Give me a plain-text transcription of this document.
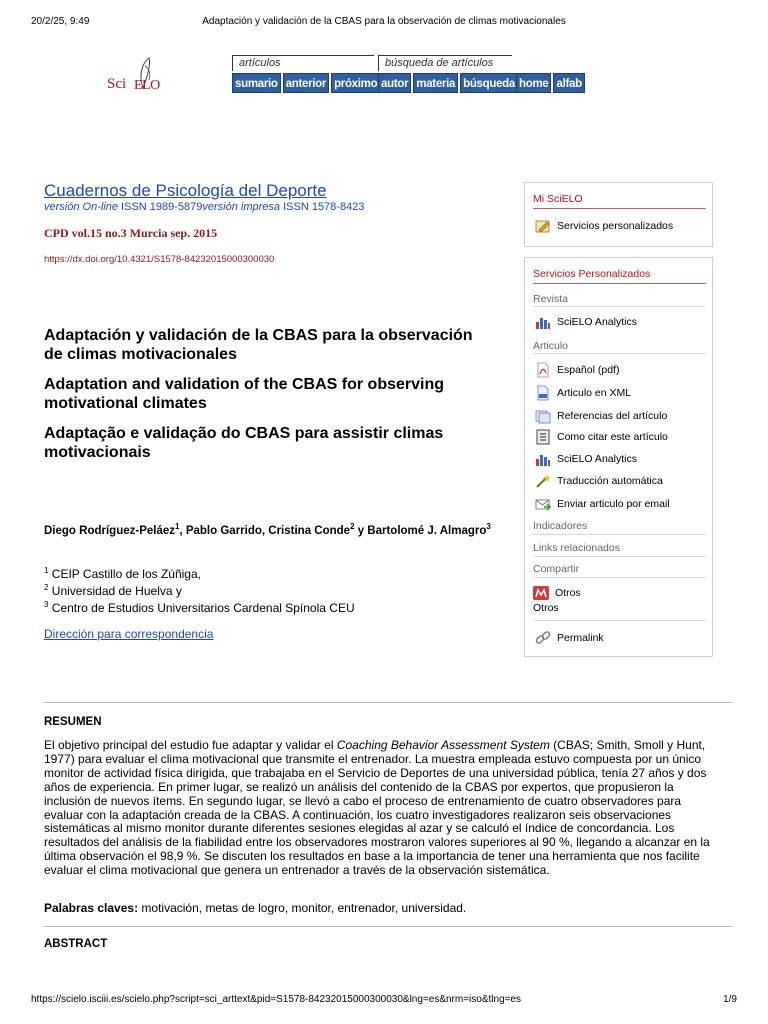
20/2/25, 9:49	Adaptación y validación de la CBAS para la observación de climas motivacionales
Sci ELO
artículos
sumario anterior próximo
búsqueda de artículos
autor materia búsqueda home alfab
Cuadernos de Psicología del Deporte
versión On-line ISSN 1989-5879versión impresa ISSN 1578-8423
CPD vol.15 no.3 Murcia sep. 2015
https://dx.doi.org/10.4321/S1578-84232015000300030
Adaptación y validación de la CBAS para la observación de climas motivacionales
Adaptation and validation of the CBAS for observing motivational climates
Adaptação e validação do CBAS para assistir climas motivacionais
Diego Rodríguez-Peláez$^1$, Pablo Garrido, Cristina Conde$^2$ y Bartolomé J. Almagro$^3$
$^1$ CEIP Castillo de los Zúñiga,
$^2$ Universidad de Huelva y
$^3$ Centro de Estudios Universitarios Cardenal Spínola CEU
Dirección para correspondencia
Mi SciELO
Servicios personalizados
Servicios Personalizados
Revista
SciELO Analytics
Articulo
Español (pdf)
Articulo en XML
Referencias del artículo
Como citar este artículo
SciELO Analytics
Traducción automática
Enviar articulo por email
Indicadores
Links relacionados
Compartir
Otros
Otros
Permalink
RESUMEN
El objetivo principal del estudio fue adaptar y validar el Coaching Behavior Assessment System (CBAS; Smith, Smoll y Hunt, 1977) para evaluar el clima motivacional que transmite el entrenador. La muestra empleada estuvo compuesta por un único monitor de actividad física dirigida, que trabajaba en el Servicio de Deportes de una universidad pública, tenía 27 años y dos años de experiencia. En primer lugar, se realizó un análisis del contenido de la CBAS por expertos, que propusieron la inclusión de nuevos ítems. En segundo lugar, se llevó a cabo el proceso de entrenamiento de cuatro observadores para evaluar con la adaptación creada de la CBAS. A continuación, los cuatro investigadores realizaron seis observaciones sistemáticas al mismo monitor durante diferentes sesiones elegidas al azar y se calculó el índice de concordancia. Los resultados del análisis de la fiabilidad entre los observadores mostraron valores superiores al 90 %, llegando a alcanzar en la última observación el 98,9 %. Se discuten los resultados en base a la importancia de tener una herramienta que nos facilite evaluar el clima motivacional que genera un entrenador a través de la observación sistemática.
Palabras claves: motivación, metas de logro, monitor, entrenador, universidad.
ABSTRACT
https://scielo.isciii.es/scielo.php?script=sci_arttext&pid=S1578-84232015000300030&lng=es&nrm=iso&tlng=es	1/9
